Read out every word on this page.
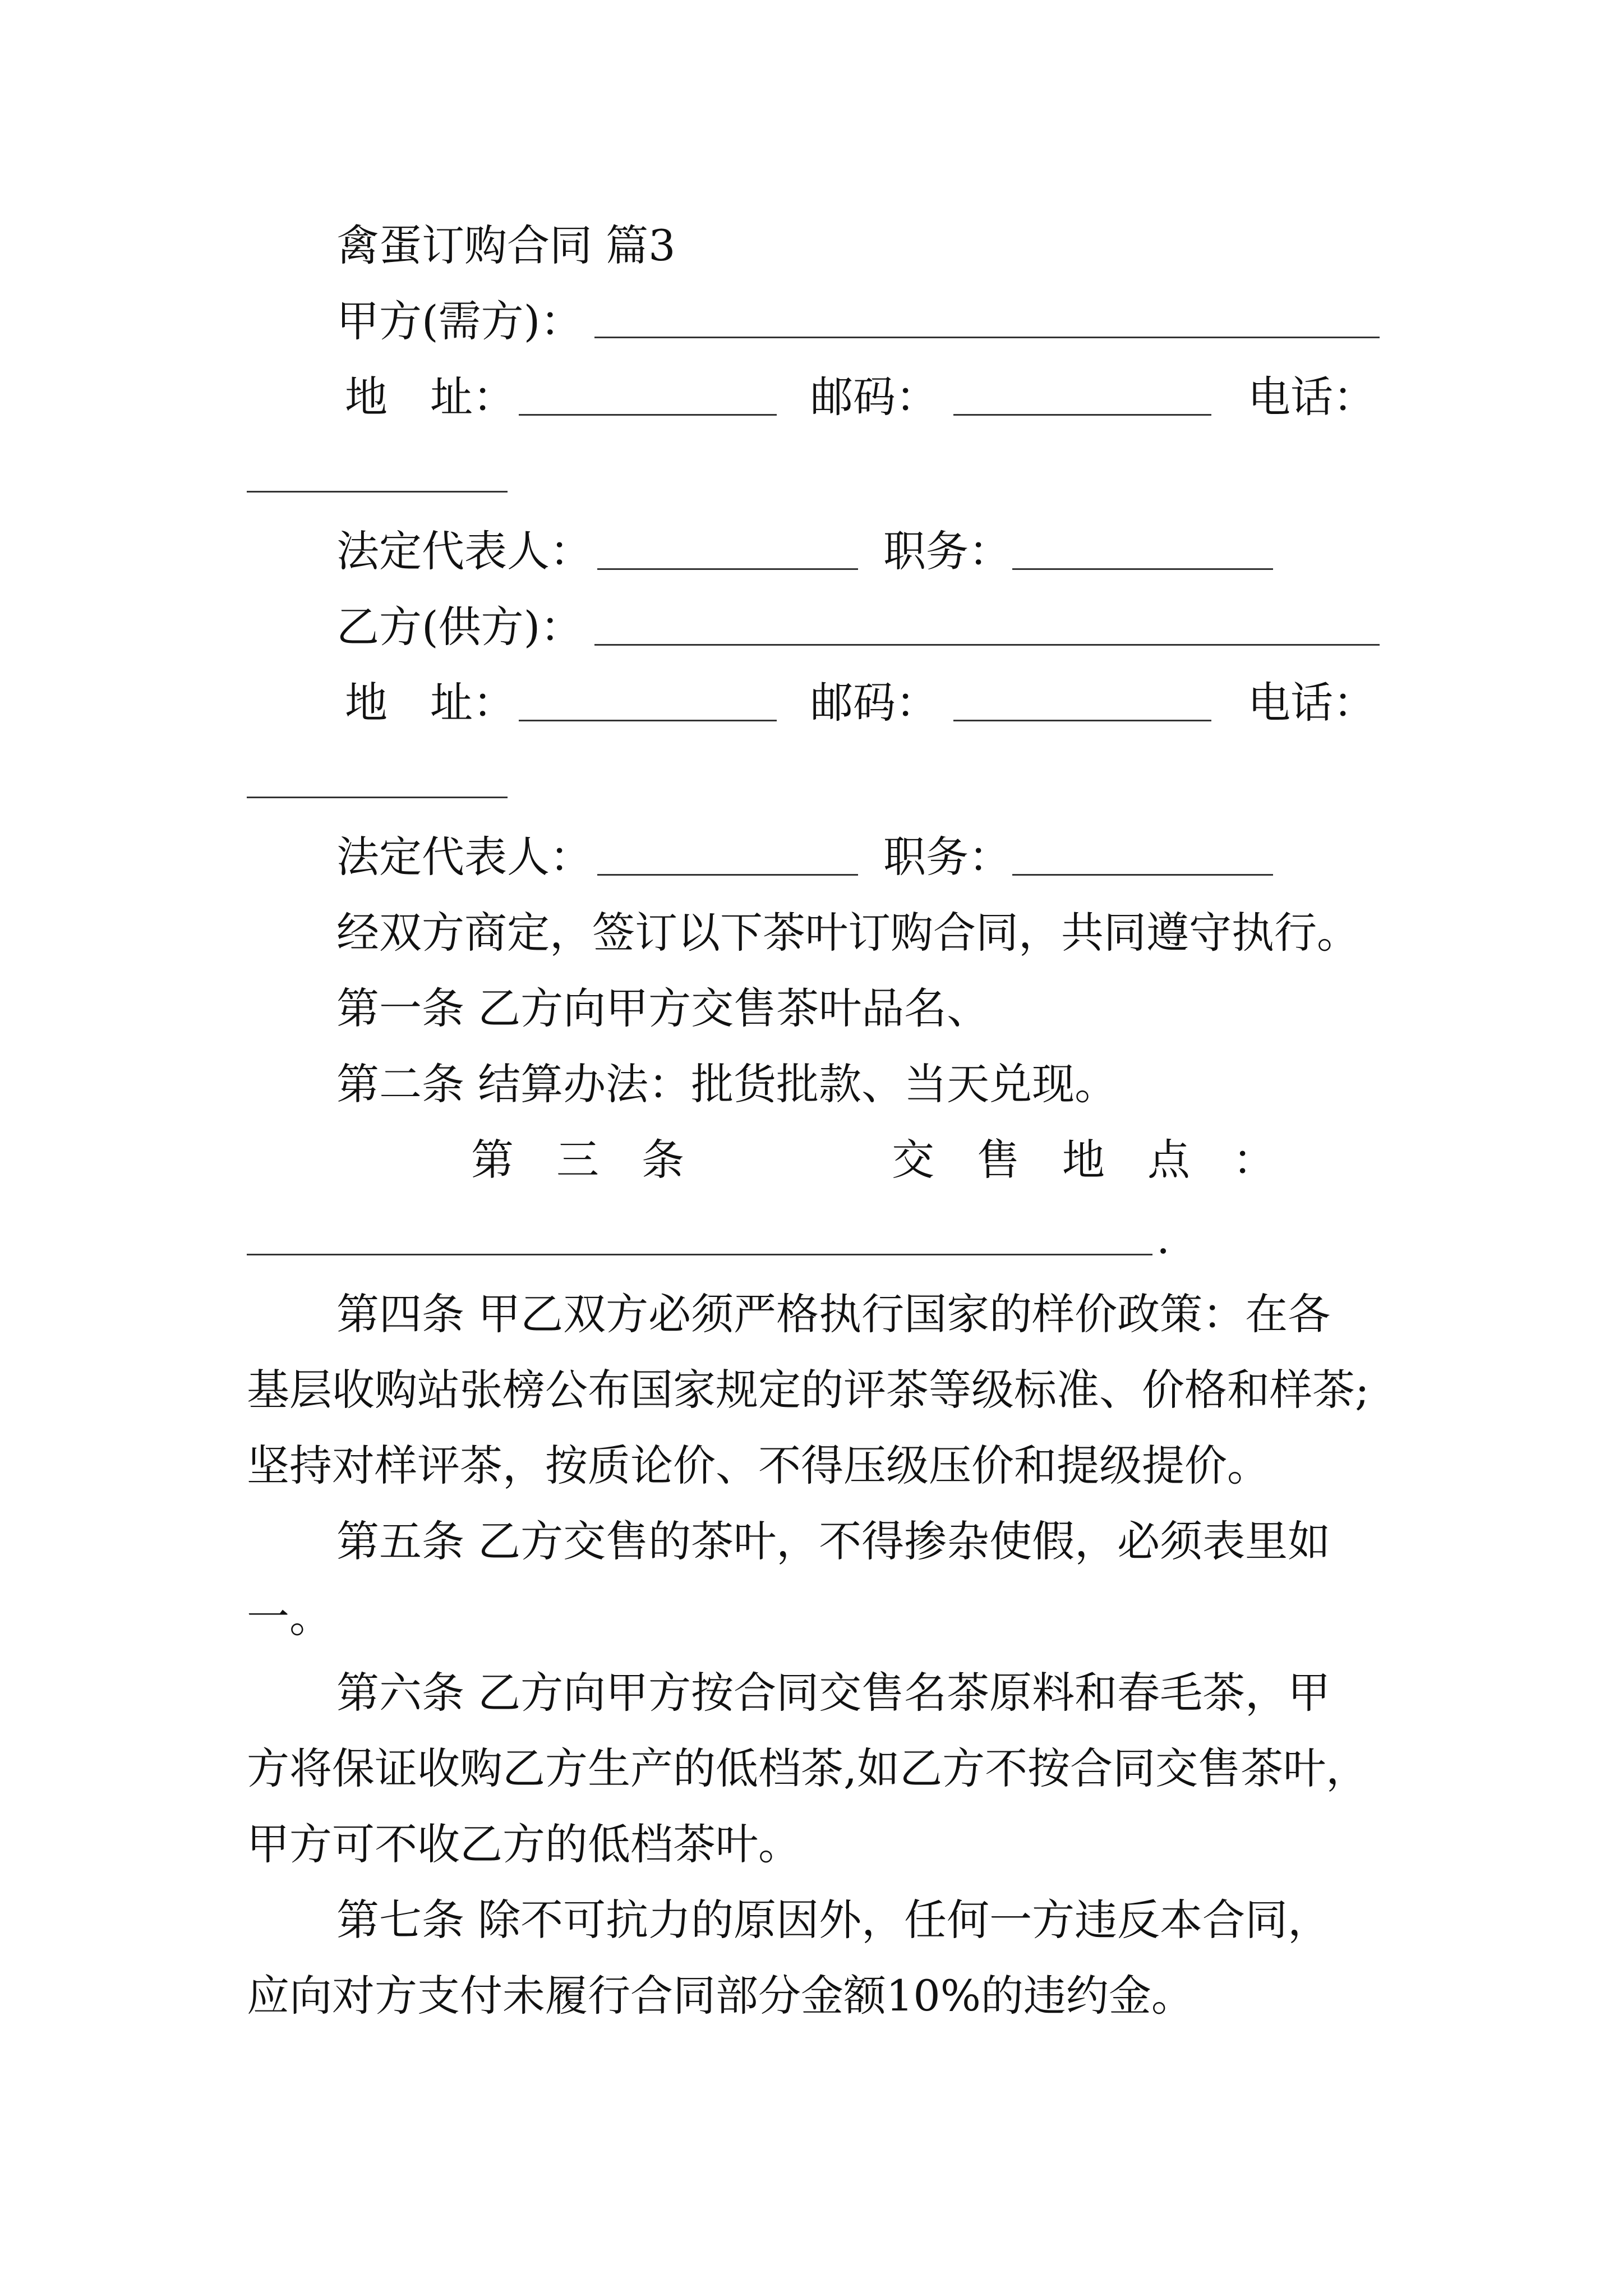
禽蛋订购合同 篇3
甲方(需方)：
地　址：	邮码：	电话：
法定代表人：	职务：
乙方(供方)：
地　址：	邮码：	电话：
法定代表人：	职务：
经双方商定，签订以下茶叶订购合同，共同遵守执行。
第一条 乙方向甲方交售茶叶品名、
第二条 结算办法：批货批款、当天兑现。
第　三　条	交　售　地　点　：
.
第四条 甲乙双方必须严格执行国家的样价政策：在各
基层收购站张榜公布国家规定的评茶等级标准、价格和样茶;
坚持对样评茶，按质论价、不得压级压价和提级提价。
第五条 乙方交售的茶叶，不得掺杂使假，必须表里如
一。
第六条 乙方向甲方按合同交售名茶原料和春毛茶，甲
方将保证收购乙方生产的低档茶,如乙方不按合同交售茶叶，
甲方可不收乙方的低档茶叶。
第七条 除不可抗力的原因外，任何一方违反本合同，
应向对方支付未履行合同部分金额10%的违约金。
